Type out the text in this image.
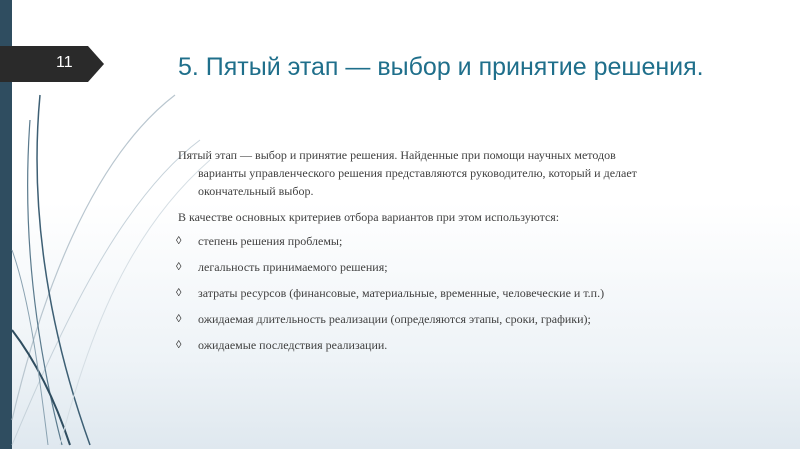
11	5. Пятый этап — выбор и принятие решения.

Пятый этап — выбор и принятие решения. Найденные при помощи научных методов
варианты управленческого решения представляются руководителю, который и делает
окончательный выбор.

В качестве основных критериев отбора вариантов при этом используются:

◊ степень решения проблемы;
◊ легальность принимаемого решения;
◊ затраты ресурсов (финансовые, материальные, временные, человеческие и т.п.)
◊ ожидаемая длительность реализации (определяются этапы, сроки, графики);
◊ ожидаемые последствия реализации.
